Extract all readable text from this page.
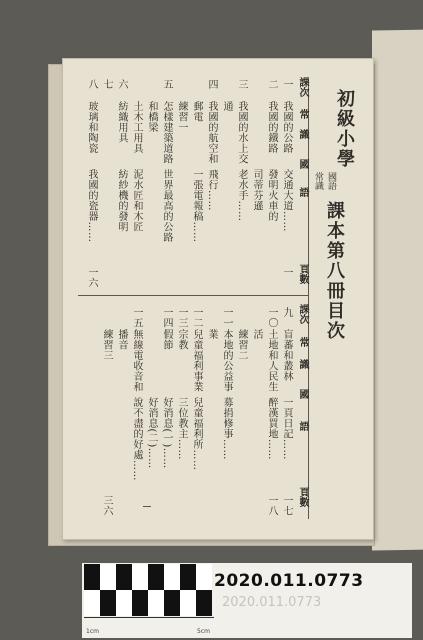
初級小學
國語
常識
課本第八冊目次
課次
常
識
國
語
頁數
課次
常
識
國
語
頁數
一
我國的公路
交通大道……
一
二
我國的鐵路
發明火車的
司蒂芬遜
三
我國的水上交
老水手……
通
四
我國的航空和
飛行……
郵電
一張電報稿……
練習一
五
怎樣建築道路
世界最高的公路
和橋梁
土木工用具
泥水匠和木匠
六
紡織用具
紡紗機的發明
七
八
玻璃和陶瓷
我國的瓷器……
一六
九
盲蕃和叢林
一頁日記……
一七
一〇
土地和人民生
醉漢買地……
一八
活
練習二
一一
本地的公益事
募捐修事……
業
一二
兒童福利事業
兒童福利所……
一三
宗教
三位教主……
一四
假節
好消息(一)……
好消息(二)……
一五
無線電收音和
說不盡的好處……
播音
練習三
三六
1cm	5cm
2020.011.0773
2020.011.0773
